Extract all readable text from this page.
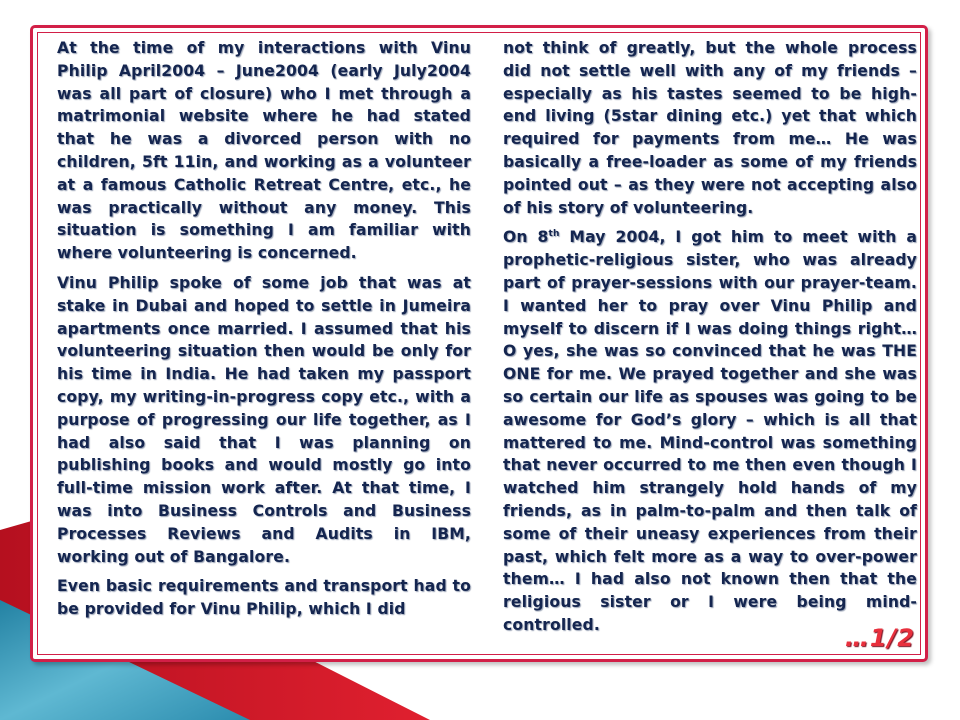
At the time of my interactions with Vinu Philip April2004 – June2004 (early July2004 was all part of closure) who I met through a matrimonial website where he had stated that he was a divorced person with no children, 5ft 11in, and working as a volunteer at a famous Catholic Retreat Centre, etc., he was practically without any money. This situation is something I am familiar with where volunteering is concerned.

Vinu Philip spoke of some job that was at stake in Dubai and hoped to settle in Jumeira apartments once married. I assumed that his volunteering situation then would be only for his time in India. He had taken my passport copy, my writing-in-progress copy etc., with a purpose of progressing our life together, as I had also said that I was planning on publishing books and would mostly go into full-time mission work after. At that time, I was into Business Controls and Business Processes Reviews and Audits in IBM, working out of Bangalore.

Even basic requirements and transport had to be provided for Vinu Philip, which I did

not think of greatly, but the whole process did not settle well with any of my friends – especially as his tastes seemed to be high-end living (5star dining etc.) yet that which required for payments from me… He was basically a free-loader as some of my friends pointed out – as they were not accepting also of his story of volunteering.

On 8th May 2004, I got him to meet with a prophetic-religious sister, who was already part of prayer-sessions with our prayer-team. I wanted her to pray over Vinu Philip and myself to discern if I was doing things right… O yes, she was so convinced that he was THE ONE for me. We prayed together and she was so certain our life as spouses was going to be awesome for God’s glory – which is all that mattered to me. Mind-control was something that never occurred to me then even though I watched him strangely hold hands of my friends, as in palm-to-palm and then talk of some of their uneasy experiences from their past, which felt more as a way to over-power them… I had also not known then that the religious sister or I were being mind-controlled.	…1/2
